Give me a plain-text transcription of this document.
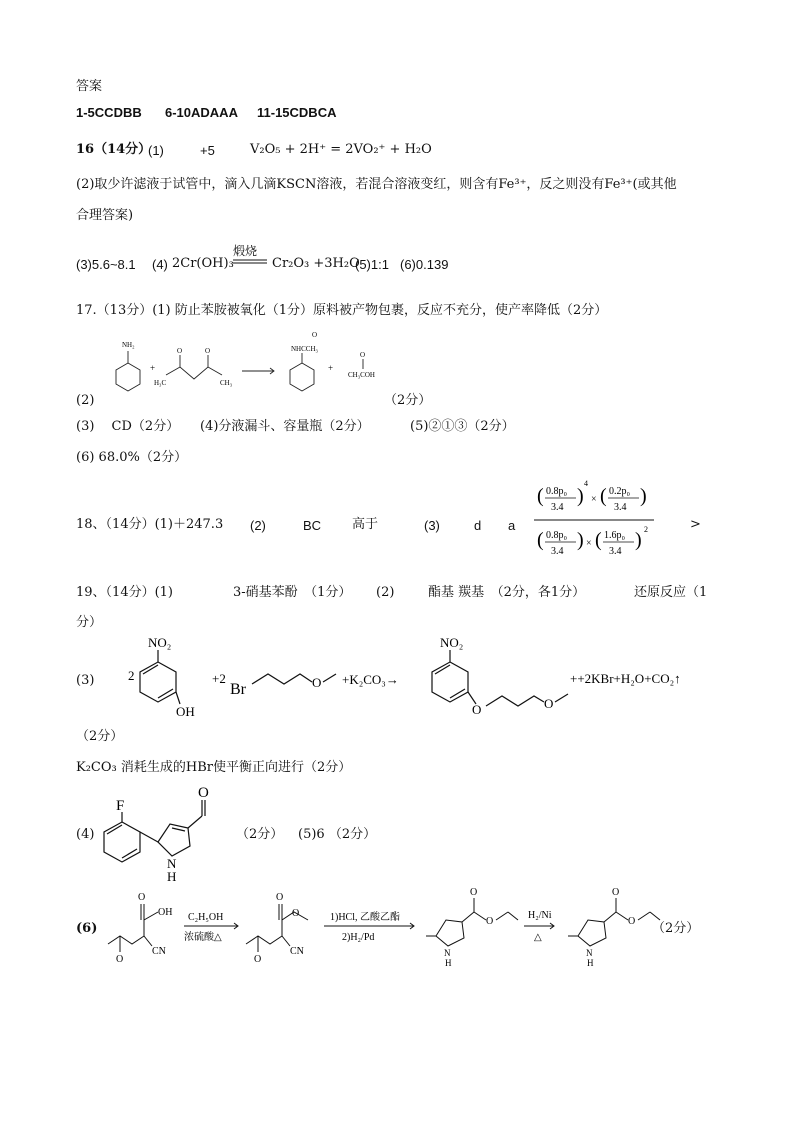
答案
1-5CCDBB 6-10ADAAA 11-15CDBCA
16（14分）
(1)	+5	V₂O₅ + 2H⁺ = 2VO₂⁺ + H₂O
(2)取少许滤液于试管中，滴入几滴KSCN溶液，若混合溶液变红，则含有Fe³⁺，反之则没有Fe³⁺(或其他
合理答案)
(3)5.6~8.1 (4) 2Cr(OH)₃
煅烧
Cr₂O₃ +3H₂O
(5)1:1 (6)0.139
17.（13分）(1) 防止苯胺被氧化（1分）原料被产物包裹，反应不充分，使产率降低（2分）
NH₂
+
O	O
H₃C	CH₃
NHCCH₃
O
+
CH₃COH
O
(2)	（2分）
(3)　 CD（2分） (4)分液漏斗、容量瓶（2分）	(5)②①③（2分）
(6) 68.0%（2分）
18、（14分）(1)＋247.3 (2)	BC 高于	(3)	d a
( 0.8p₀
3.4
)
4
× ( 0.2p₀
3.4
)
( 0.8p₀
3.4
) × ( 1.6p₀
3.4
) 2	>
19、（14分）(1)	3-硝基苯酚　（1分） (2)	酯基 羰基　（2分，各1分）	还原反应（1
分）
(3)	2
NO₂
OH
+2
Br	O +K₂CO₃→
NO₂
O	O
++2KBr+H₂O+CO₂↑
（2分）
K₂CO₃ 消耗生成的HBr使平衡正向进行（2分）
(4)
F
N
H
O
（2分） (5)6 （2分）
(6)
O
O
OH
CN
C₂H₅OH
浓硫酸△
O
O
O
CN
1)HCl, 乙酸乙酯
2)H₂/Pd
N
H
O
O
H₂/Ni
△
N
H
O
O （2分）
